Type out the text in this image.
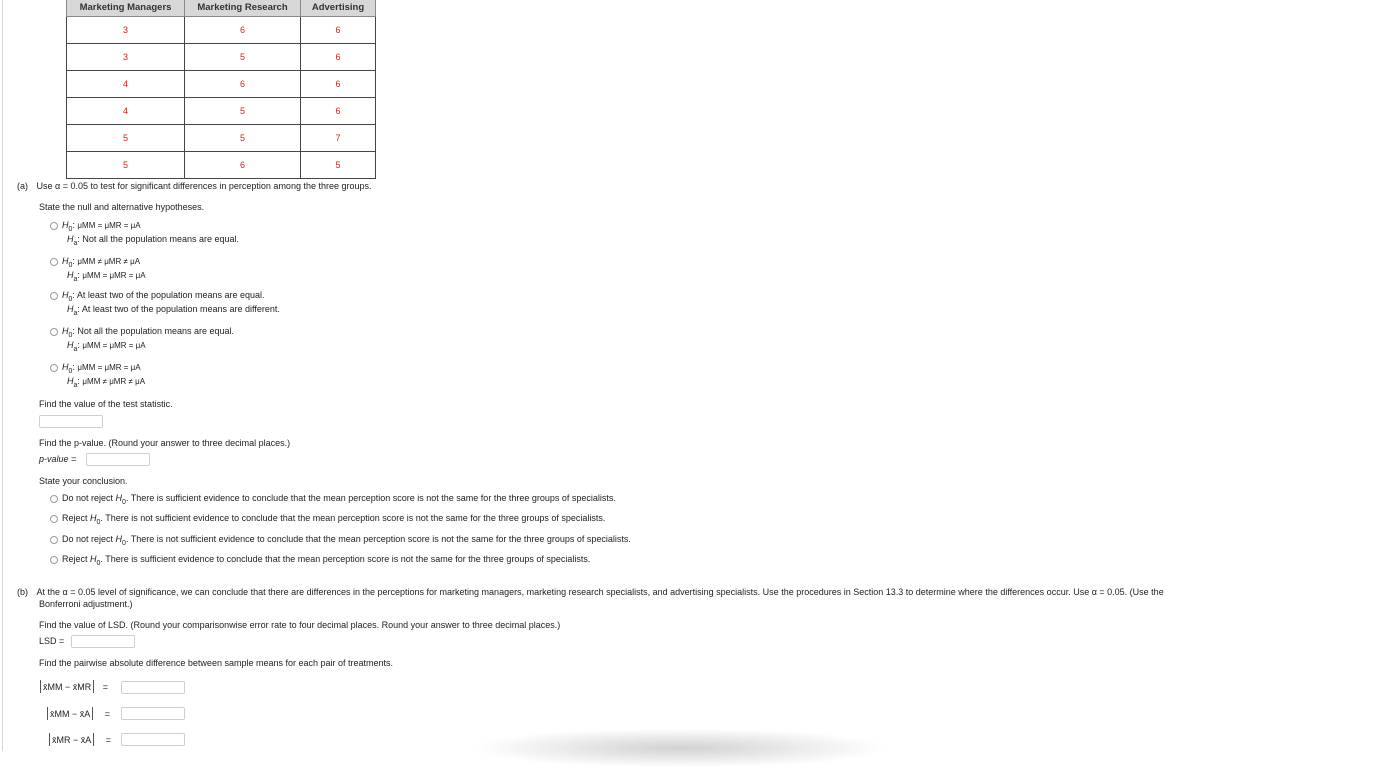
Marketing Managers	Marketing Research	Advertising
3	6	6
3	5	6
4	6	6
4	5	6
5	5	7
5	6	5
(a) Use α = 0.05 to test for significant differences in perception among the three groups.
State the null and alternative hypotheses.
$H_0$: μMM = μMR = μA
$H_a$: Not all the population means are equal.
$H_0$: μMM ≠ μMR ≠ μA
$H_a$: μMM = μMR = μA
$H_0$: At least two of the population means are equal.
$H_a$: At least two of the population means are different.
$H_0$: Not all the population means are equal.
$H_a$: μMM = μMR = μA
$H_0$: μMM = μMR = μA
$H_a$: μMM ≠ μMR ≠ μA
Find the value of the test statistic.
Find the p-value. (Round your answer to three decimal places.)
p-value =
State your conclusion.
Do not reject $H_0$. There is sufficient evidence to conclude that the mean perception score is not the same for the three groups of specialists.
Reject $H_0$. There is not sufficient evidence to conclude that the mean perception score is not the same for the three groups of specialists.
Do not reject $H_0$. There is not sufficient evidence to conclude that the mean perception score is not the same for the three groups of specialists.
Reject $H_0$. There is sufficient evidence to conclude that the mean perception score is not the same for the three groups of specialists.
(b) At the α = 0.05 level of significance, we can conclude that there are differences in the perceptions for marketing managers, marketing research specialists, and advertising specialists. Use the procedures in Section 13.3 to determine where the differences occur. Use α = 0.05. (Use the
Bonferroni adjustment.)
Find the value of LSD. (Round your comparisonwise error rate to four decimal places. Round your answer to three decimal places.)
LSD =
Find the pairwise absolute difference between sample means for each pair of treatments.
x̄MM − x̄MR =
x̄MM − x̄A =
x̄MR − x̄A =
